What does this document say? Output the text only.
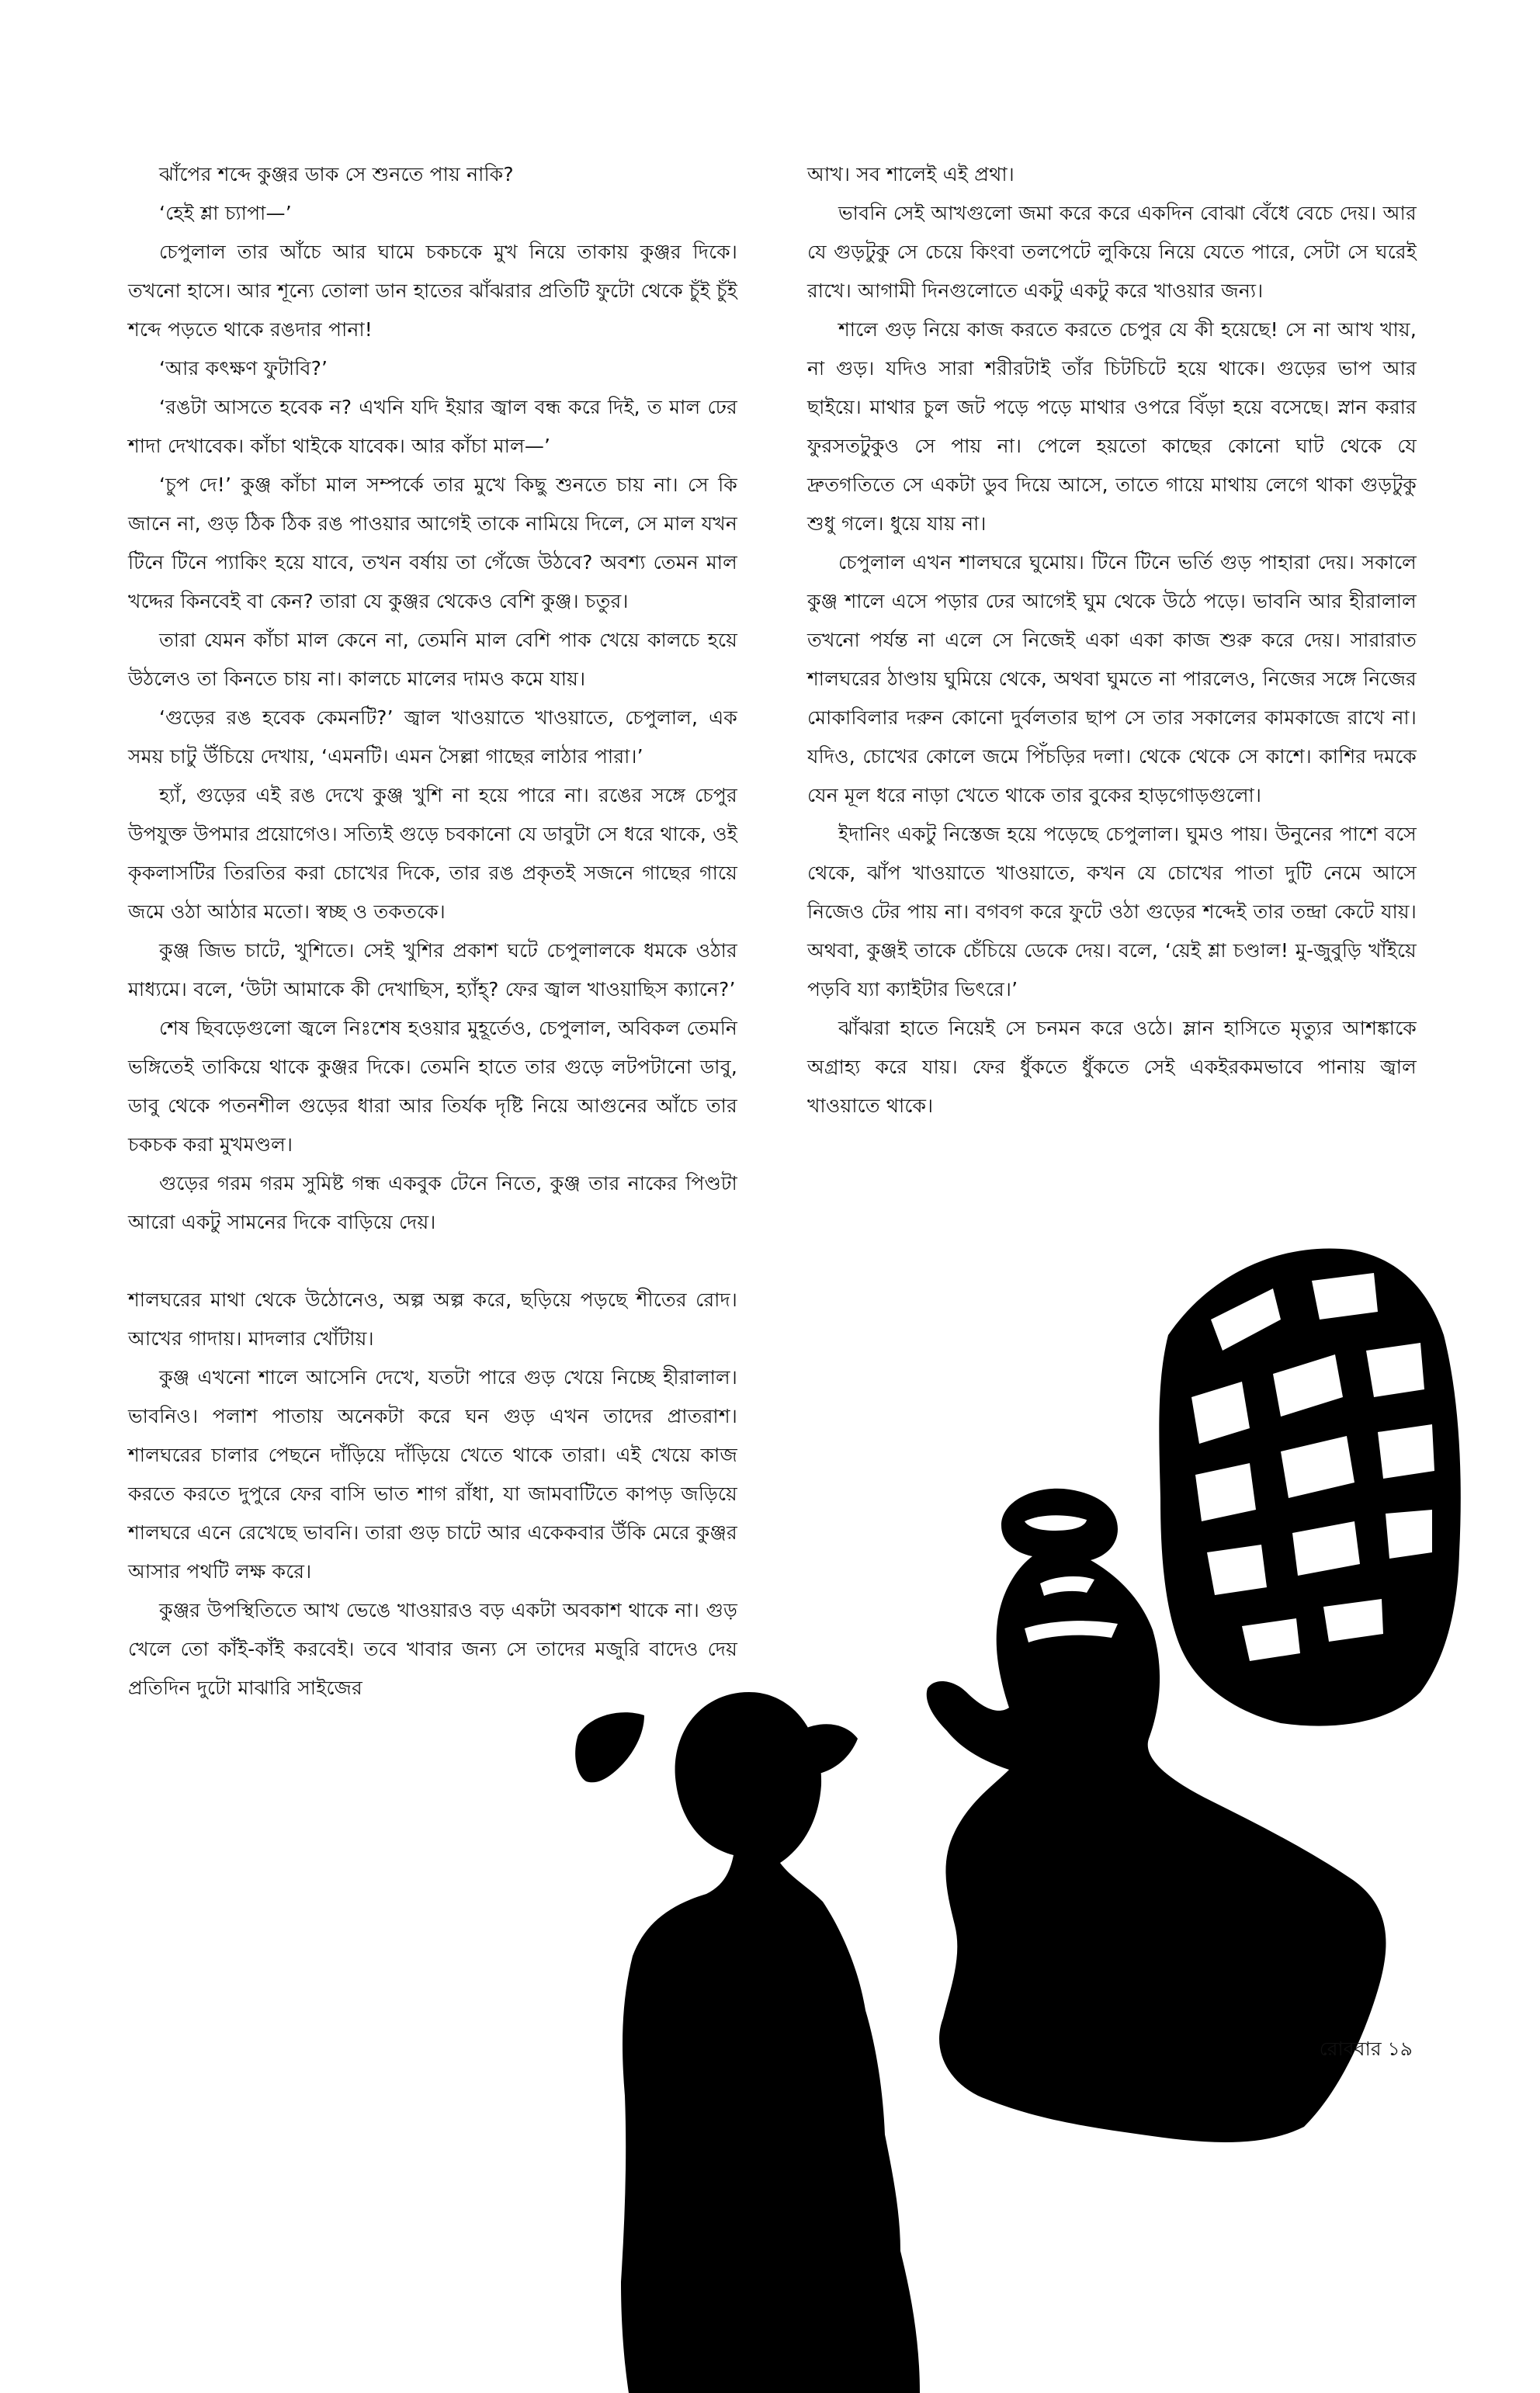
ঝাঁপের শব্দে কুঞ্জর ডাক সে শুনতে পায় নাকি?

‘হেই শ্লা চ্যাপা—’

চেপুলাল তার আঁচে আর ঘামে চকচকে মুখ নিয়ে তাকায় কুঞ্জর দিকে। তখনো হাসে। আর শূন্যে তোলা ডান হাতের ঝাঁঝরার প্রতিটি ফুটো থেকে চুঁই চুঁই শব্দে পড়তে থাকে রঙদার পানা!

‘আর কৎক্ষণ ফুটাবি?’

‘রঙটা আসতে হবেক ন? এখনি যদি ইয়ার জ্বাল বন্ধ করে দিই, ত মাল ঢের শাদা দেখাবেক। কাঁচা থাইকে যাবেক। আর কাঁচা মাল—’

‘চুপ দে!’ কুঞ্জ কাঁচা মাল সম্পর্কে তার মুখে কিছু শুনতে চায় না। সে কি জানে না, গুড় ঠিক ঠিক রঙ পাওয়ার আগেই তাকে নামিয়ে দিলে, সে মাল যখন টিনে টিনে প্যাকিং হয়ে যাবে, তখন বর্ষায় তা গেঁজে উঠবে? অবশ্য তেমন মাল খদ্দের কিনবেই বা কেন? তারা যে কুঞ্জর থেকেও বেশি কুঞ্জ। চতুর।

তারা যেমন কাঁচা মাল কেনে না, তেমনি মাল বেশি পাক খেয়ে কালচে হয়ে উঠলেও তা কিনতে চায় না। কালচে মালের দামও কমে যায়।

‘গুড়ের রঙ হবেক কেমনটি?’ জ্বাল খাওয়াতে খাওয়াতে, চেপুলাল, এক সময় চাটু উঁচিয়ে দেখায়, ‘এমনটি। এমন সৈল্লা গাছের লাঠার পারা।’

হ্যাঁ, গুড়ের এই রঙ দেখে কুঞ্জ খুশি না হয়ে পারে না। রঙের সঙ্গে চেপুর উপযুক্ত উপমার প্রয়োগেও। সত্যিই গুড়ে চবকানো যে ডাবুটা সে ধরে থাকে, ওই কৃকলাসটির তিরতির করা চোখের দিকে, তার রঙ প্রকৃতই সজনে গাছের গায়ে জমে ওঠা আঠার মতো। স্বচ্ছ ও তকতকে।

কুঞ্জ জিভ চাটে, খুশিতে। সেই খুশির প্রকাশ ঘটে চেপুলালকে ধমকে ওঠার মাধ্যমে। বলে, ‘উটা আমাকে কী দেখাছিস, হ্যাঁহ্? ফের জ্বাল খাওয়াছিস ক্যানে?’

শেষ ছিবড়েগুলো জ্বলে নিঃশেষ হওয়ার মুহূর্তেও, চেপুলাল, অবিকল তেমনি ভঙ্গিতেই তাকিয়ে থাকে কুঞ্জর দিকে। তেমনি হাতে তার গুড়ে লটপটানো ডাবু, ডাবু থেকে পতনশীল গুড়ের ধারা আর তির্যক দৃষ্টি নিয়ে আগুনের আঁচে তার চকচক করা মুখমণ্ডল।

গুড়ের গরম গরম সুমিষ্ট গন্ধ একবুক টেনে নিতে, কুঞ্জ তার নাকের পিণ্ডটা আরো একটু সামনের দিকে বাড়িয়ে দেয়।

শালঘরের মাথা থেকে উঠোনেও, অল্প অল্প করে, ছড়িয়ে পড়ছে শীতের রোদ। আখের গাদায়। মাদলার খোঁটায়।

কুঞ্জ এখনো শালে আসেনি দেখে, যতটা পারে গুড় খেয়ে নিচ্ছে হীরালাল। ভাবনিও। পলাশ পাতায় অনেকটা করে ঘন গুড় এখন তাদের প্রাতরাশ। শালঘরের চালার পেছনে দাঁড়িয়ে দাঁড়িয়ে খেতে থাকে তারা। এই খেয়ে কাজ করতে করতে দুপুরে ফের বাসি ভাত শাগ রাঁধা, যা জামবাটিতে কাপড় জড়িয়ে শালঘরে এনে রেখেছে ভাবনি। তারা গুড় চাটে আর একেকবার উঁকি মেরে কুঞ্জর আসার পথটি লক্ষ করে।

কুঞ্জর উপস্থিতিতে আখ ভেঙে খাওয়ারও বড় একটা অবকাশ থাকে না। গুড় খেলে তো কাঁই-কাঁই করবেই। তবে খাবার জন্য সে তাদের মজুরি বাদেও দেয় প্রতিদিন দুটো মাঝারি সাইজের

আখ। সব শালেই এই প্রথা।

ভাবনি সেই আখগুলো জমা করে করে একদিন বোঝা বেঁধে বেচে দেয়। আর যে গুড়টুকু সে চেয়ে কিংবা তলপেটে লুকিয়ে নিয়ে যেতে পারে, সেটা সে ঘরেই রাখে। আগামী দিনগুলোতে একটু একটু করে খাওয়ার জন্য।

শালে গুড় নিয়ে কাজ করতে করতে চেপুর যে কী হয়েছে! সে না আখ খায়, না গুড়। যদিও সারা শরীরটাই তাঁর চিটচিটে হয়ে থাকে। গুড়ের ভাপ আর ছাইয়ে। মাথার চুল জট পড়ে পড়ে মাথার ওপরে বিঁড়া হয়ে বসেছে। স্নান করার ফুরসতটুকুও সে পায় না। পেলে হয়তো কাছের কোনো ঘাট থেকে যে দ্রুতগতিতে সে একটা ডুব দিয়ে আসে, তাতে গায়ে মাথায় লেগে থাকা গুড়টুকু শুধু গলে। ধুয়ে যায় না।

চেপুলাল এখন শালঘরে ঘুমোয়। টিনে টিনে ভর্তি গুড় পাহারা দেয়। সকালে কুঞ্জ শালে এসে পড়ার ঢের আগেই ঘুম থেকে উঠে পড়ে। ভাবনি আর হীরালাল তখনো পর্যন্ত না এলে সে নিজেই একা একা কাজ শুরু করে দেয়। সারারাত শালঘরের ঠাণ্ডায় ঘুমিয়ে থেকে, অথবা ঘুমতে না পারলেও, নিজের সঙ্গে নিজের মোকাবিলার দরুন কোনো দুর্বলতার ছাপ সে তার সকালের কামকাজে রাখে না। যদিও, চোখের কোলে জমে পিঁচড়ির দলা। থেকে থেকে সে কাশে। কাশির দমকে যেন মূল ধরে নাড়া খেতে থাকে তার বুকের হাড়গোড়গুলো।

ইদানিং একটু নিস্তেজ হয়ে পড়েছে চেপুলাল। ঘুমও পায়। উনুনের পাশে বসে থেকে, ঝাঁপ খাওয়াতে খাওয়াতে, কখন যে চোখের পাতা দুটি নেমে আসে নিজেও টের পায় না। বগবগ করে ফুটে ওঠা গুড়ের শব্দেই তার তন্দ্রা কেটে যায়। অথবা, কুঞ্জই তাকে চেঁচিয়ে ডেকে দেয়। বলে, ‘য়েই শ্লা চণ্ডাল! মু-জুবুড়ি খাঁইয়ে পড়বি য্যা ক্যাইটার ভিৎরে।’

ঝাঁঝরা হাতে নিয়েই সে চনমন করে ওঠে। ম্লান হাসিতে মৃত্যুর আশঙ্কাকে অগ্রাহ্য করে যায়। ফের ধুঁকতে ধুঁকতে সেই একইরকমভাবে পানায় জ্বাল খাওয়াতে থাকে।

রোববার ১৯
